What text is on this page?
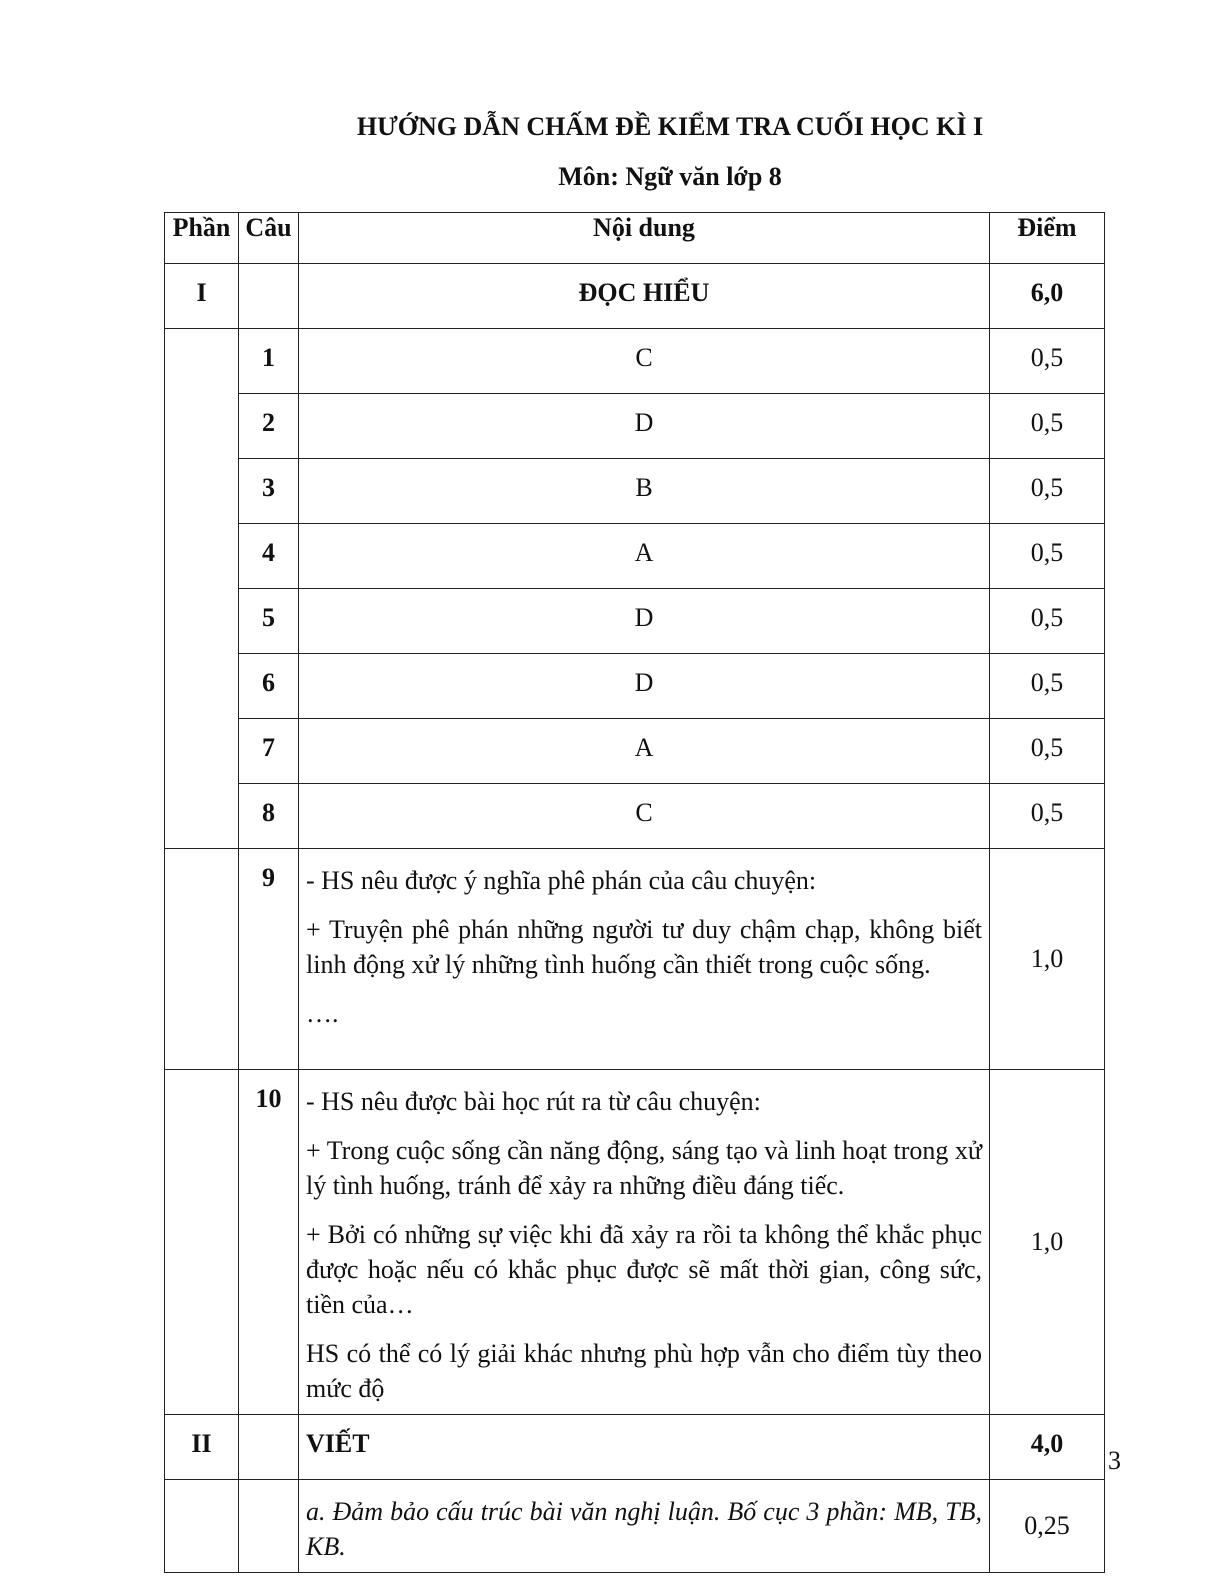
HƯỚNG DẪN CHẤM ĐỀ KIỂM TRA CUỐI HỌC KÌ I
Môn: Ngữ văn lớp 8
Phần	Câu	Nội dung	Điểm
I		ĐỌC HIỂU	6,0
	1	C	0,5
	2	D	0,5
	3	B	0,5
	4	A	0,5
	5	D	0,5
	6	D	0,5
	7	A	0,5
	8	C	0,5
	9	- HS nêu được ý nghĩa phê phán của câu chuyện:

+ Truyện phê phán những người tư duy chậm chạp, không biết linh động xử lý những tình huống cần thiết trong cuộc sống.

….	1,0
	10	- HS nêu được bài học rút ra từ câu chuyện:

+ Trong cuộc sống cần năng động, sáng tạo và linh hoạt trong xử lý tình huống, tránh để xảy ra những điều đáng tiếc.

+ Bởi có những sự việc khi đã xảy ra rồi ta không thể khắc phục được hoặc nếu có khắc phục được sẽ mất thời gian, công sức, tiền của…

HS có thể có lý giải khác nhưng phù hợp vẫn cho điểm tùy theo mức độ	1,0
II		VIẾT	4,0

		a. Đảm bảo cấu trúc bài văn nghị luận. Bố cục 3 phần: MB, TB, KB.	0,25
3
